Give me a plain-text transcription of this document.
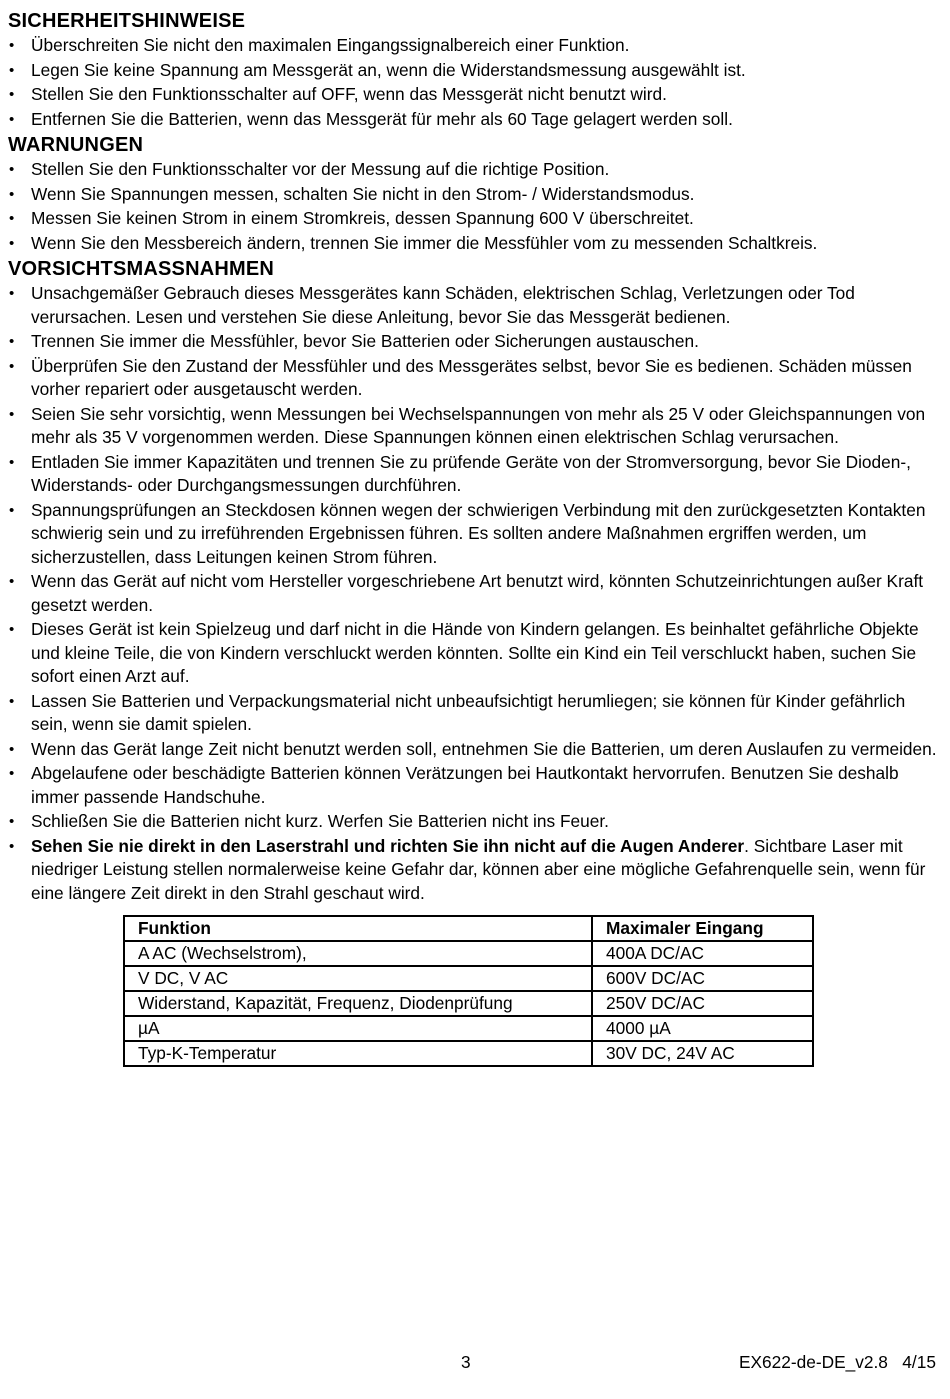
SICHERHEITSHINWEISE
• Überschreiten Sie nicht den maximalen Eingangssignalbereich einer Funktion.
• Legen Sie keine Spannung am Messgerät an, wenn die Widerstandsmessung ausgewählt ist.
• Stellen Sie den Funktionsschalter auf OFF, wenn das Messgerät nicht benutzt wird.
• Entfernen Sie die Batterien, wenn das Messgerät für mehr als 60 Tage gelagert werden soll.
WARNUNGEN
• Stellen Sie den Funktionsschalter vor der Messung auf die richtige Position.
• Wenn Sie Spannungen messen, schalten Sie nicht in den Strom- / Widerstandsmodus.
• Messen Sie keinen Strom in einem Stromkreis, dessen Spannung 600 V überschreitet.
• Wenn Sie den Messbereich ändern, trennen Sie immer die Messfühler vom zu messenden Schaltkreis.
VORSICHTSMASSNAHMEN
• Unsachgemäßer Gebrauch dieses Messgerätes kann Schäden, elektrischen Schlag, Verletzungen oder Tod verursachen. Lesen und verstehen Sie diese Anleitung, bevor Sie das Messgerät bedienen.
• Trennen Sie immer die Messfühler, bevor Sie Batterien oder Sicherungen austauschen.
• Überprüfen Sie den Zustand der Messfühler und des Messgerätes selbst, bevor Sie es bedienen. Schäden müssen vorher repariert oder ausgetauscht werden.
• Seien Sie sehr vorsichtig, wenn Messungen bei Wechselspannungen von mehr als 25 V oder Gleichspannungen von mehr als 35 V vorgenommen werden. Diese Spannungen können einen elektrischen Schlag verursachen.
• Entladen Sie immer Kapazitäten und trennen Sie zu prüfende Geräte von der Stromversorgung, bevor Sie Dioden-, Widerstands- oder Durchgangsmessungen durchführen.
• Spannungsprüfungen an Steckdosen können wegen der schwierigen Verbindung mit den zurückgesetzten Kontakten schwierig sein und zu irreführenden Ergebnissen führen. Es sollten andere Maßnahmen ergriffen werden, um sicherzustellen, dass Leitungen keinen Strom führen.
• Wenn das Gerät auf nicht vom Hersteller vorgeschriebene Art benutzt wird, könnten Schutzeinrichtungen außer Kraft gesetzt werden.
• Dieses Gerät ist kein Spielzeug und darf nicht in die Hände von Kindern gelangen. Es beinhaltet gefährliche Objekte und kleine Teile, die von Kindern verschluckt werden könnten. Sollte ein Kind ein Teil verschluckt haben, suchen Sie sofort einen Arzt auf.
• Lassen Sie Batterien und Verpackungsmaterial nicht unbeaufsichtigt herumliegen; sie können für Kinder gefährlich sein, wenn sie damit spielen.
• Wenn das Gerät lange Zeit nicht benutzt werden soll, entnehmen Sie die Batterien, um deren Auslaufen zu vermeiden.
• Abgelaufene oder beschädigte Batterien können Verätzungen bei Hautkontakt hervorrufen. Benutzen Sie deshalb immer passende Handschuhe.
• Schließen Sie die Batterien nicht kurz. Werfen Sie Batterien nicht ins Feuer.
• Sehen Sie nie direkt in den Laserstrahl und richten Sie ihn nicht auf die Augen Anderer. Sichtbare Laser mit niedriger Leistung stellen normalerweise keine Gefahr dar, können aber eine mögliche Gefahrenquelle sein, wenn für eine längere Zeit direkt in den Strahl geschaut wird.
Funktion	Maximaler Eingang
A AC (Wechselstrom),	400A DC/AC
V DC, V AC	600V DC/AC
Widerstand, Kapazität, Frequenz, Diodenprüfung	250V DC/AC
µA	4000 µA
Typ-K-Temperatur	30V DC, 24V AC
3	EX622-de-DE_v2.8   4/15
